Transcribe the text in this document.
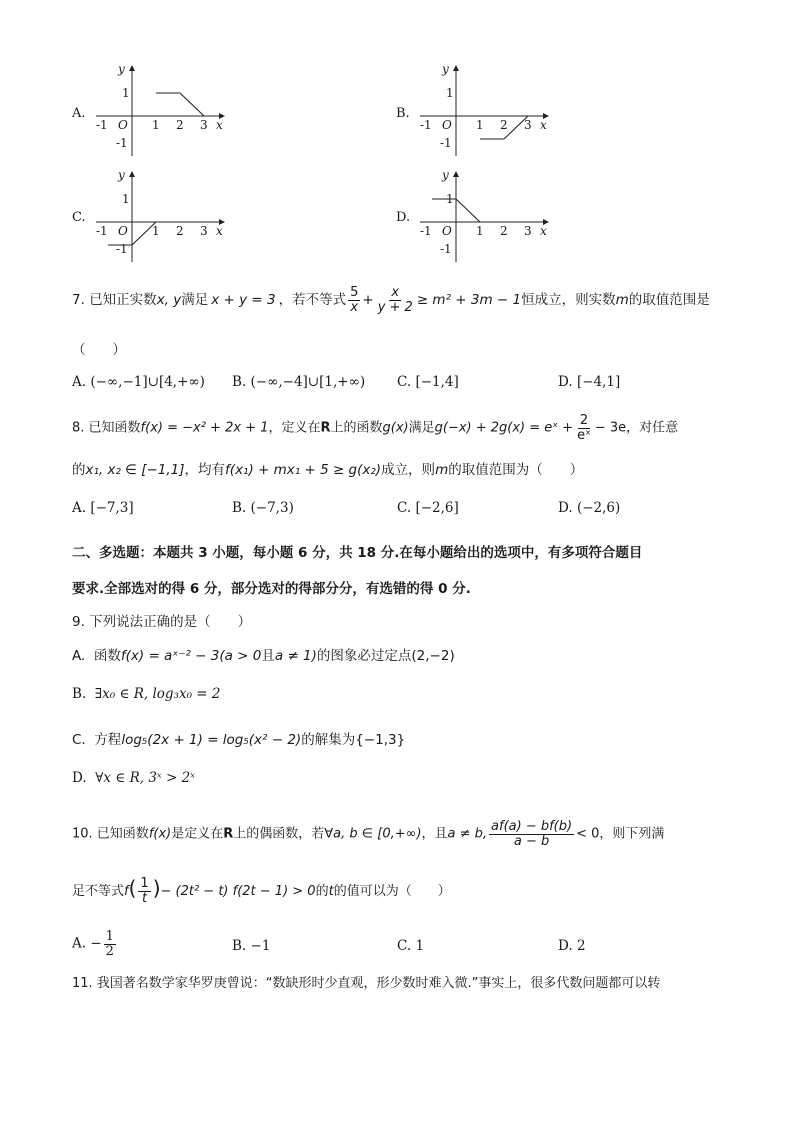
A.
y
x
1
-1
-1 O 1 2 3
B.
y
x
1
-1
-1 O 1 2 3
C.
y
x
1
-1
-1 O 1 2 3
D.
y
x
1
-1
-1 O 1 2 3
7. 已知正实数x, y满足 x + y = 3 ，若不等式 $\frac{5}{x} + \frac{x}{y + 2} \ge m^2 + 3m - 1$恒成立，则实数m的取值范围是
（　　）
A. (−∞,−1]∪[4,+∞) B. (−∞,−4]∪[1,+∞) C. [−1,4]	D. [−4,1]
8. 已知函数f(x) = −x² + 2x + 1，定义在R上的函数g(x)满足g(−x) + 2g(x) = eˣ + $\frac{2}{\text{eˣ}} - 3e$，对任意
的x₁, x₂ ∈ [−1,1]，均有f(x₁) + mx₁ + 5 ≥ g(x₂)成立，则m的取值范围为（　　）
A. [−7,3]	B. (−7,3)	C. [−2,6]	D. (−2,6)
二、多选题：本题共 3 小题，每小题 6 分，共 18 分.在每小题给出的选项中，有多项符合题目
要求.全部选对的得 6 分，部分选对的得部分分，有选错的得 0 分.
9. 下列说法正确的是（　　）
A. 函数f(x) = aˣ⁻² − 3(a > 0且a ≠ 1)的图象必过定点(2,−2)
B. ∃x₀ ∈ R, log₃x₀ = 2
C. 方程log₅(2x + 1) = log₅(x² − 2)的解集为{−1,3}
D. ∀x ∈ R, 3ˣ > 2ˣ
10. 已知函数f(x)是定义在R上的偶函数，若∀a, b ∈ [0,+∞)，且a ≠ b, $\frac{af(a) - bf(b)}{a - b} < 0$，则下列满
足不等式$f( \frac{1}{t}$ )− (2t² − t) f(2t − 1) > 0的t的值可以为（　　）
A. − $\frac{1}{2}$	B. −1	C. 1	D. 2
11. 我国著名数学家华罗庚曾说：“数缺形时少直观，形少数时难入微.”事实上，很多代数问题都可以转
